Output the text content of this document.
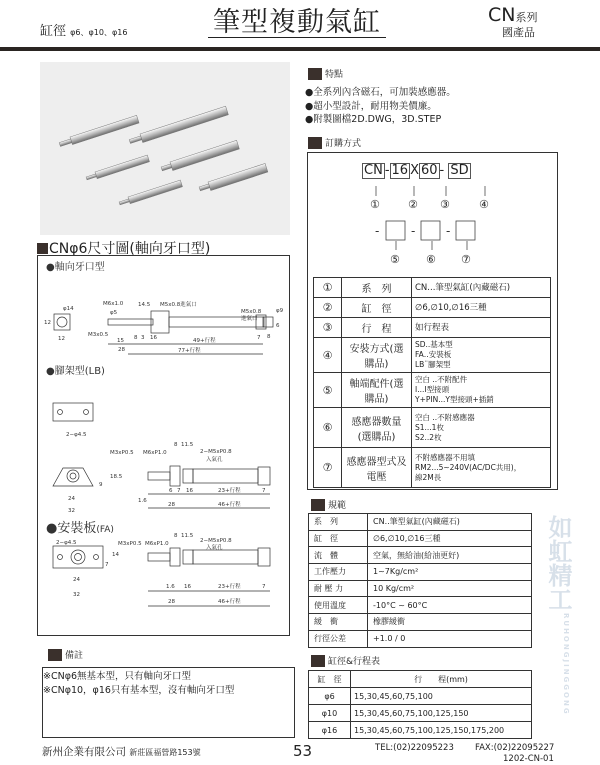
缸徑 φ6、φ10、φ16	筆型複動氣缸	CN系列
國產品
CNφ6尺寸圖(軸向牙口型)
●軸向牙口型
φ14
M6x1.0	14.5 M5x0.8進氣口
M5x0.8
進氣口
φ9
φ5
M3x0.5
12
12	15 8 3 16
28
49+行程
77+行程
7
6
8
●腳架型(LB)
2−φ4.5
M3xP0.5 M6xP1.0
8 11.5
2−M5xP0.8
入氣孔
18.5
9
24
32
1.6
6 7 16	23+行程	7
28	46+行程
●安裝板(FA)
2−φ4.5	M3xP0.5 M6xP1.0
8 11.5
2−M5xP0.8
入氣孔
14
7
24
32
1.6 16	23+行程	7
28	46+行程
備註
※CNφ6無基本型，只有軸向牙口型
※CNφ10，φ16只有基本型，沒有軸向牙口型
特點
●全系列內含磁石，可加裝感應器。
●超小型設計，耐用物美價廉。
●附製圖檔2D.DWG，3D.STEP
訂購方式
CN - 16 X 60 - SD
-	-	-
①	② ③	④
⑤ ⑥ ⑦
①	系　列	CN...筆型氣缸(內藏磁石)

②	缸　徑	∅6,∅10,∅16三種

③	行　程	如行程表

④	安裝方式(選購品)	SD..基本型
FA‥安裝板
LB¨腳架型

⑤	軸端配件(選購品)	空白 ..不附配件
I...I型接頭
Y+PIN...Y型接頭+插銷

⑥	感應器數量(選購品)	空白 ..不附感應器
S1...1枚
S2..2枚

⑦	感應器型式及電壓	不附感應器不用填
RM2...5~240V(AC/DC共用)，
線2M長
規範
系　列	CN..筆型氣缸(內藏磁石)
缸　徑	∅6,∅10,∅16三種
流　體	空氣，無給油(給油更好)
工作壓力	1~7Kg/cm²
耐 壓 力	10 Kg/cm²
使用溫度	-10°C ~ 60°C
緩　衝	橡膠緩衝
行徑公差	+1.0 / 0
缸徑&行程表
缸　徑	行　　程(mm)
φ6	15,30,45,60,75,100
φ10	15,30,45,60,75,100,125,150
φ16	15,30,45,60,75,100,125,150,175,200
新州企業有限公司 新莊區福營路153號	53	TEL:(02)22095223 FAX:(02)22095227
1202-CN-01
如虹精工
RUHONGJINGGONG
